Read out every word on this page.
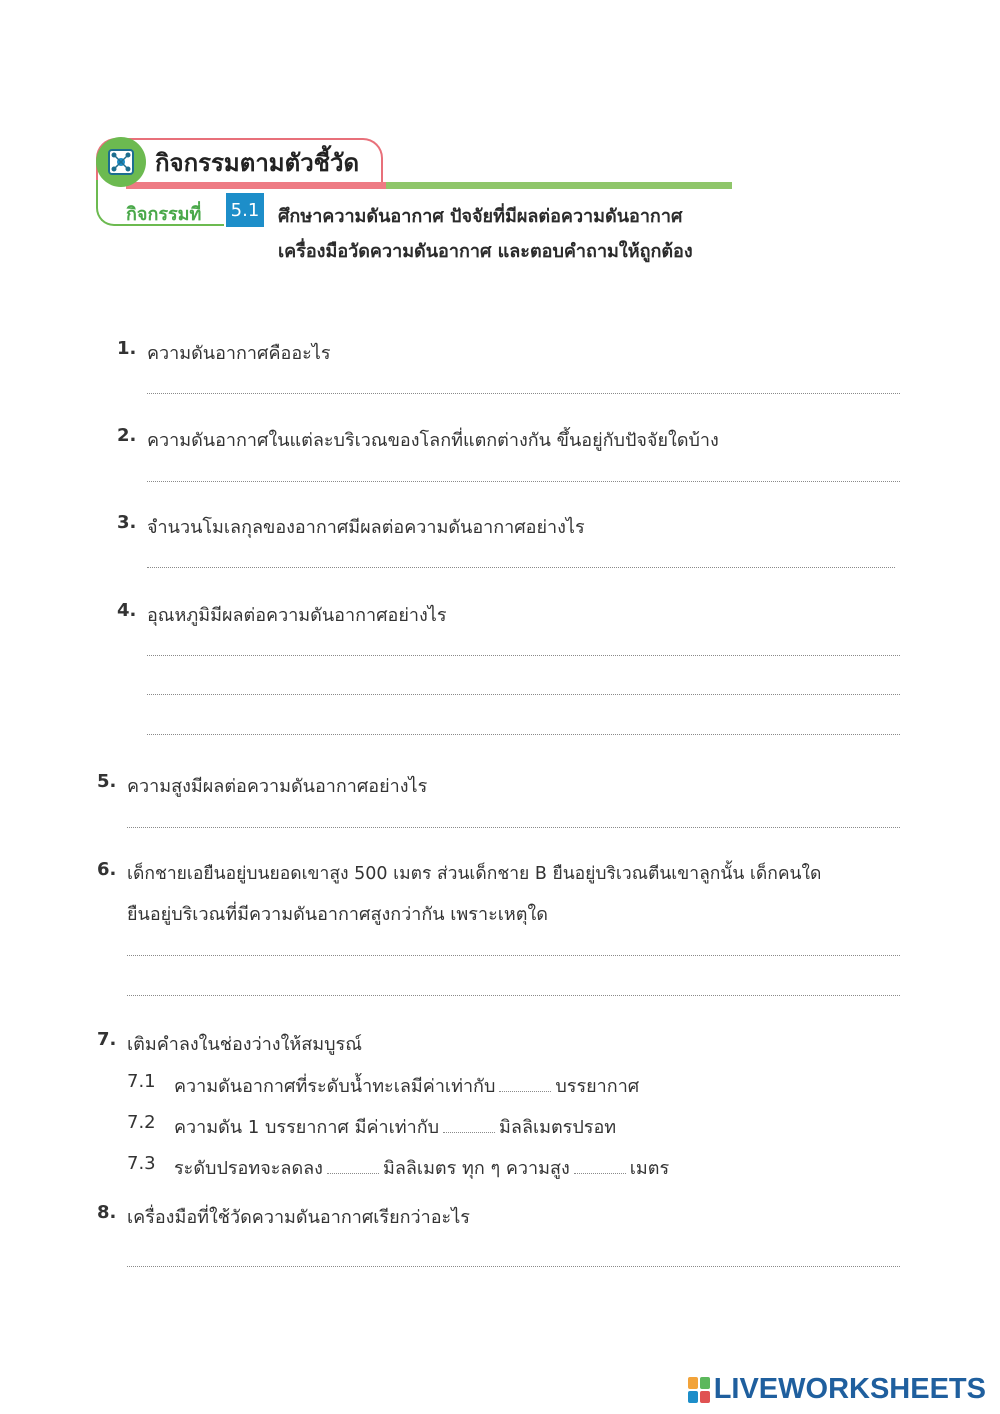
กิจกรรมตามตัวชี้วัด
กิจกรรมที่ 5.1 ศึกษาความดันอากาศ ปัจจัยที่มีผลต่อความดันอากาศ
เครื่องมือวัดความดันอากาศ และตอบคำถามให้ถูกต้อง
1. ความดันอากาศคืออะไร
2. ความดันอากาศในแต่ละบริเวณของโลกที่แตกต่างกัน ขึ้นอยู่กับปัจจัยใดบ้าง
3. จำนวนโมเลกุลของอากาศมีผลต่อความดันอากาศอย่างไร
4. อุณหภูมิมีผลต่อความดันอากาศอย่างไร
5. ความสูงมีผลต่อความดันอากาศอย่างไร
6. เด็กชายเอยืนอยู่บนยอดเขาสูง 500 เมตร ส่วนเด็กชาย B ยืนอยู่บริเวณตีนเขาลูกนั้น เด็กคนใด
ยืนอยู่บริเวณที่มีความดันอากาศสูงกว่ากัน เพราะเหตุใด
7. เติมคำลงในช่องว่างให้สมบูรณ์
7.1 ความดันอากาศที่ระดับน้ำทะเลมีค่าเท่ากับ	บรรยากาศ
7.2 ความดัน 1 บรรยากาศ มีค่าเท่ากับ	มิลลิเมตรปรอท
7.3 ระดับปรอทจะลดลง	มิลลิเมตร ทุก ๆ ความสูง	เมตร
8. เครื่องมือที่ใช้วัดความดันอากาศเรียกว่าอะไร
LIVEWORKSHEETS
